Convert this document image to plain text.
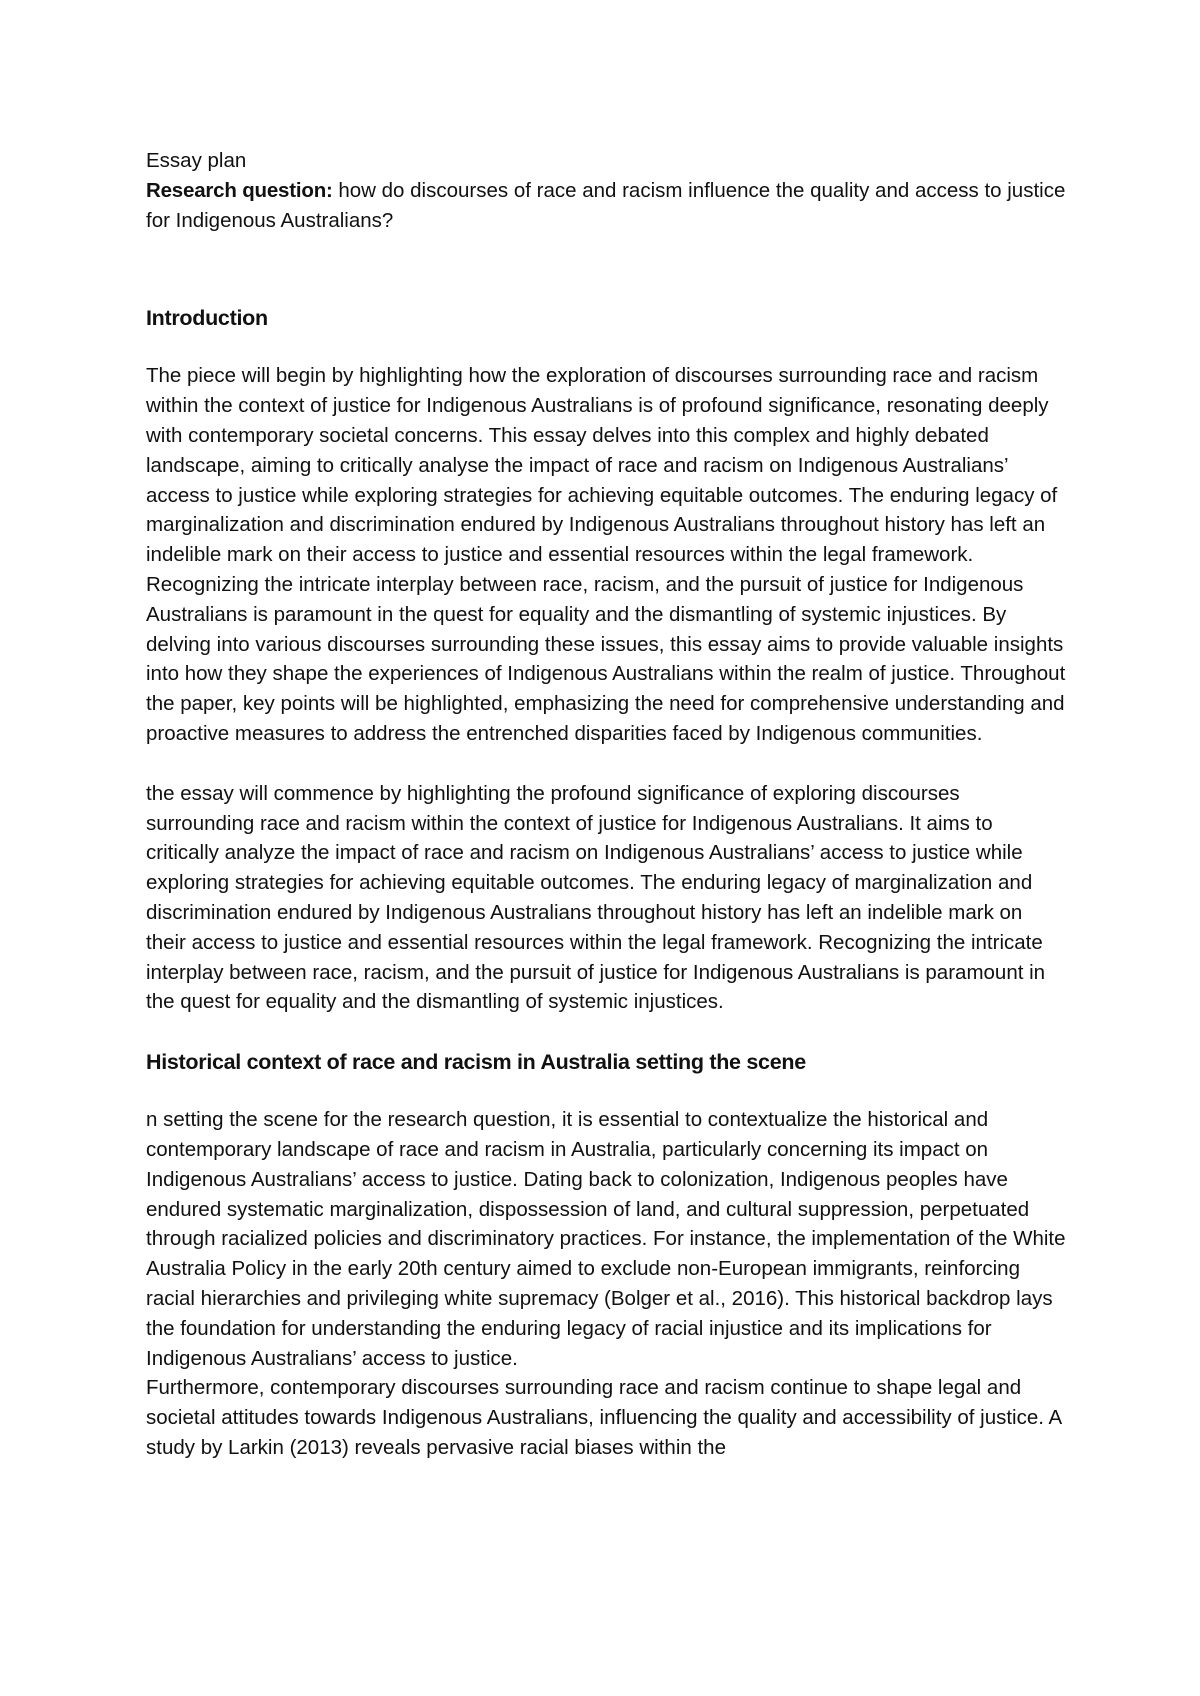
Essay plan

Research question: how do discourses of race and racism influence the quality and access to justice for Indigenous Australians?

Introduction

The piece will begin by highlighting how the exploration of discourses surrounding race and racism within the context of justice for Indigenous Australians is of profound significance, resonating deeply with contemporary societal concerns. This essay delves into this complex and highly debated landscape, aiming to critically analyse the impact of race and racism on Indigenous Australians’ access to justice while exploring strategies for achieving equitable outcomes. The enduring legacy of marginalization and discrimination endured by Indigenous Australians throughout history has left an indelible mark on their access to justice and essential resources within the legal framework. Recognizing the intricate interplay between race, racism, and the pursuit of justice for Indigenous Australians is paramount in the quest for equality and the dismantling of systemic injustices. By delving into various discourses surrounding these issues, this essay aims to provide valuable insights into how they shape the experiences of Indigenous Australians within the realm of justice. Throughout the paper, key points will be highlighted, emphasizing the need for comprehensive understanding and proactive measures to address the entrenched disparities faced by Indigenous communities.

the essay will commence by highlighting the profound significance of exploring discourses surrounding race and racism within the context of justice for Indigenous Australians. It aims to critically analyze the impact of race and racism on Indigenous Australians’ access to justice while exploring strategies for achieving equitable outcomes. The enduring legacy of marginalization and discrimination endured by Indigenous Australians throughout history has left an indelible mark on their access to justice and essential resources within the legal framework. Recognizing the intricate interplay between race, racism, and the pursuit of justice for Indigenous Australians is paramount in the quest for equality and the dismantling of systemic injustices.

Historical context of race and racism in Australia setting the scene

n setting the scene for the research question, it is essential to contextualize the historical and contemporary landscape of race and racism in Australia, particularly concerning its impact on Indigenous Australians’ access to justice. Dating back to colonization, Indigenous peoples have endured systematic marginalization, dispossession of land, and cultural suppression, perpetuated through racialized policies and discriminatory practices. For instance, the implementation of the White Australia Policy in the early 20th century aimed to exclude non-European immigrants, reinforcing racial hierarchies and privileging white supremacy (Bolger et al., 2016). This historical backdrop lays the foundation for understanding the enduring legacy of racial injustice and its implications for Indigenous Australians’ access to justice.

Furthermore, contemporary discourses surrounding race and racism continue to shape legal and societal attitudes towards Indigenous Australians, influencing the quality and accessibility of justice. A study by Larkin (2013) reveals pervasive racial biases within the
